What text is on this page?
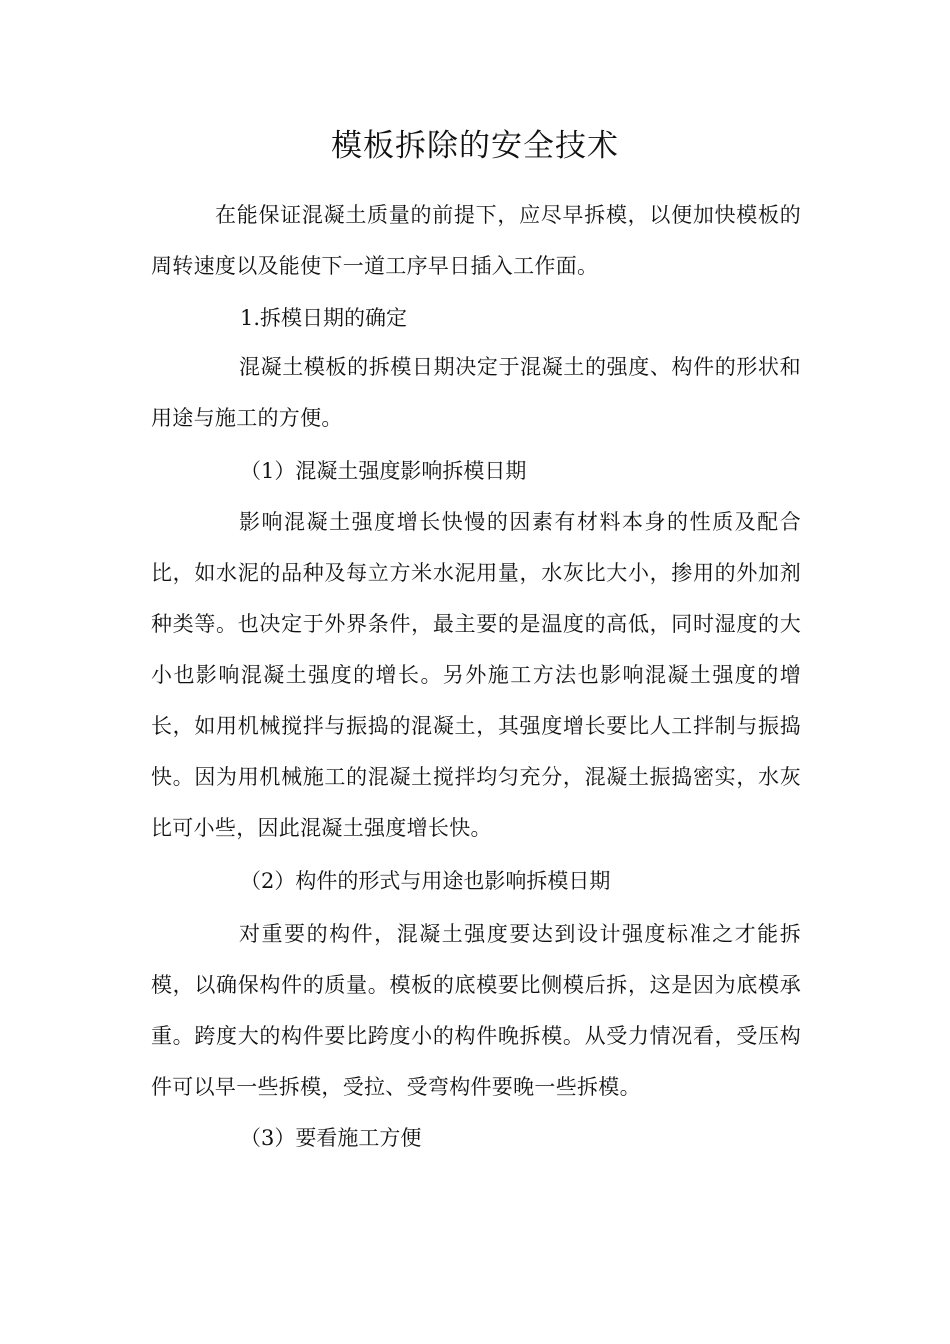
模板拆除的安全技术

在能保证混凝土质量的前提下，应尽早拆模，以便加快模板的周转速度以及能使下一道工序早日插入工作面。

1.拆模日期的确定

混凝土模板的拆模日期决定于混凝土的强度、构件的形状和用途与施工的方便。

（1）混凝土强度影响拆模日期

影响混凝土强度增长快慢的因素有材料本身的性质及配合比，如水泥的品种及每立方米水泥用量，水灰比大小，掺用的外加剂种类等。也决定于外界条件，最主要的是温度的高低，同时湿度的大小也影响混凝土强度的增长。另外施工方法也影响混凝土强度的增长，如用机械搅拌与振捣的混凝土，其强度增长要比人工拌制与振捣快。因为用机械施工的混凝土搅拌均匀充分，混凝土振捣密实，水灰比可小些，因此混凝土强度增长快。

（2）构件的形式与用途也影响拆模日期

对重要的构件，混凝土强度要达到设计强度标准之才能拆模，以确保构件的质量。模板的底模要比侧模后拆，这是因为底模承重。跨度大的构件要比跨度小的构件晚拆模。从受力情况看，受压构件可以早一些拆模，受拉、受弯构件要晚一些拆模。

（3）要看施工方便
